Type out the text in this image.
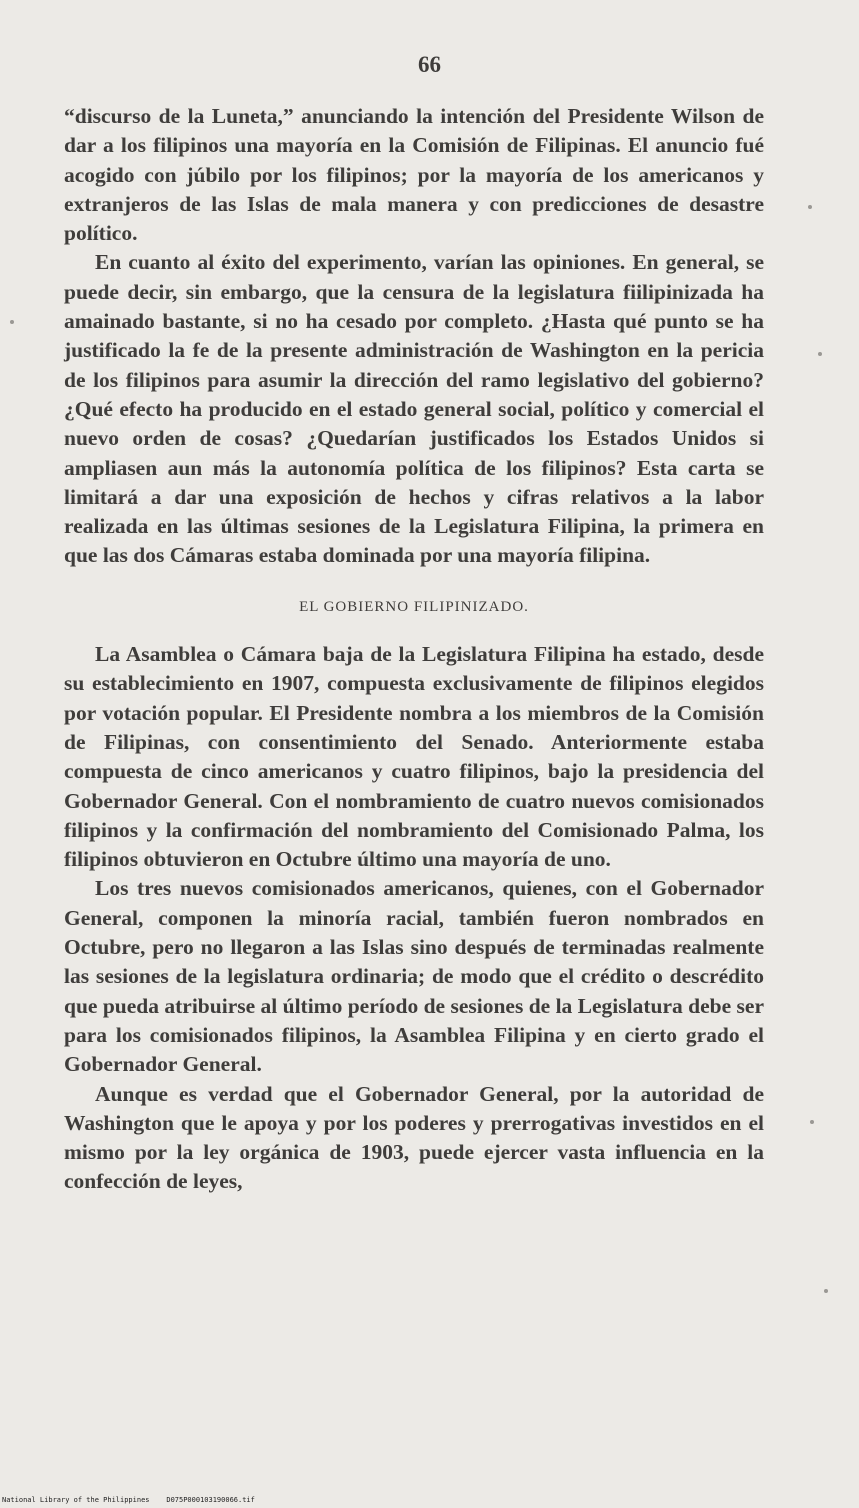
66

“discurso de la Luneta,” anunciando la intención del Presidente Wilson de dar a los filipinos una mayoría en la Comisión de Filipinas. El anuncio fué acogido con júbilo por los filipinos; por la mayoría de los americanos y extranjeros de las Islas de mala manera y con predicciones de desastre político.

En cuanto al éxito del experimento, varían las opiniones. En general, se puede decir, sin embargo, que la censura de la legislatura fiilipinizada ha amainado bastante, si no ha cesado por completo. ¿Hasta qué punto se ha justificado la fe de la presente administración de Washington en la pericia de los filipinos para asumir la dirección del ramo legislativo del gobierno? ¿Qué efecto ha producido en el estado general social, político y comercial el nuevo orden de cosas? ¿Quedarían justificados los Estados Unidos si ampliasen aun más la autonomía política de los filipinos? Esta carta se limitará a dar una exposición de hechos y cifras relativos a la labor realizada en las últimas sesiones de la Legislatura Filipina, la primera en que las dos Cámaras estaba dominada por una mayoría filipina.

EL GOBIERNO FILIPINIZADO.

La Asamblea o Cámara baja de la Legislatura Filipina ha estado, desde su establecimiento en 1907, compuesta exclusivamente de filipinos elegidos por votación popular. El Presidente nombra a los miembros de la Comisión de Filipinas, con consentimiento del Senado. Anteriormente estaba compuesta de cinco americanos y cuatro filipinos, bajo la presidencia del Gobernador General. Con el nombramiento de cuatro nuevos comisionados filipinos y la confirmación del nombramiento del Comisionado Palma, los filipinos obtuvieron en Octubre último una mayoría de uno.

Los tres nuevos comisionados americanos, quienes, con el Gobernador General, componen la minoría racial, también fueron nombrados en Octubre, pero no llegaron a las Islas sino después de terminadas realmente las sesiones de la legislatura ordinaria; de modo que el crédito o descrédito que pueda atribuirse al último período de sesiones de la Legislatura debe ser para los comisionados filipinos, la Asamblea Filipina y en cierto grado el Gobernador General.

Aunque es verdad que el Gobernador General, por la autoridad de Washington que le apoya y por los poderes y prerrogativas investidos en el mismo por la ley orgánica de 1903, puede ejercer vasta influencia en la confección de leyes,

National Library of the Philippines    D075P000103190066.tif
